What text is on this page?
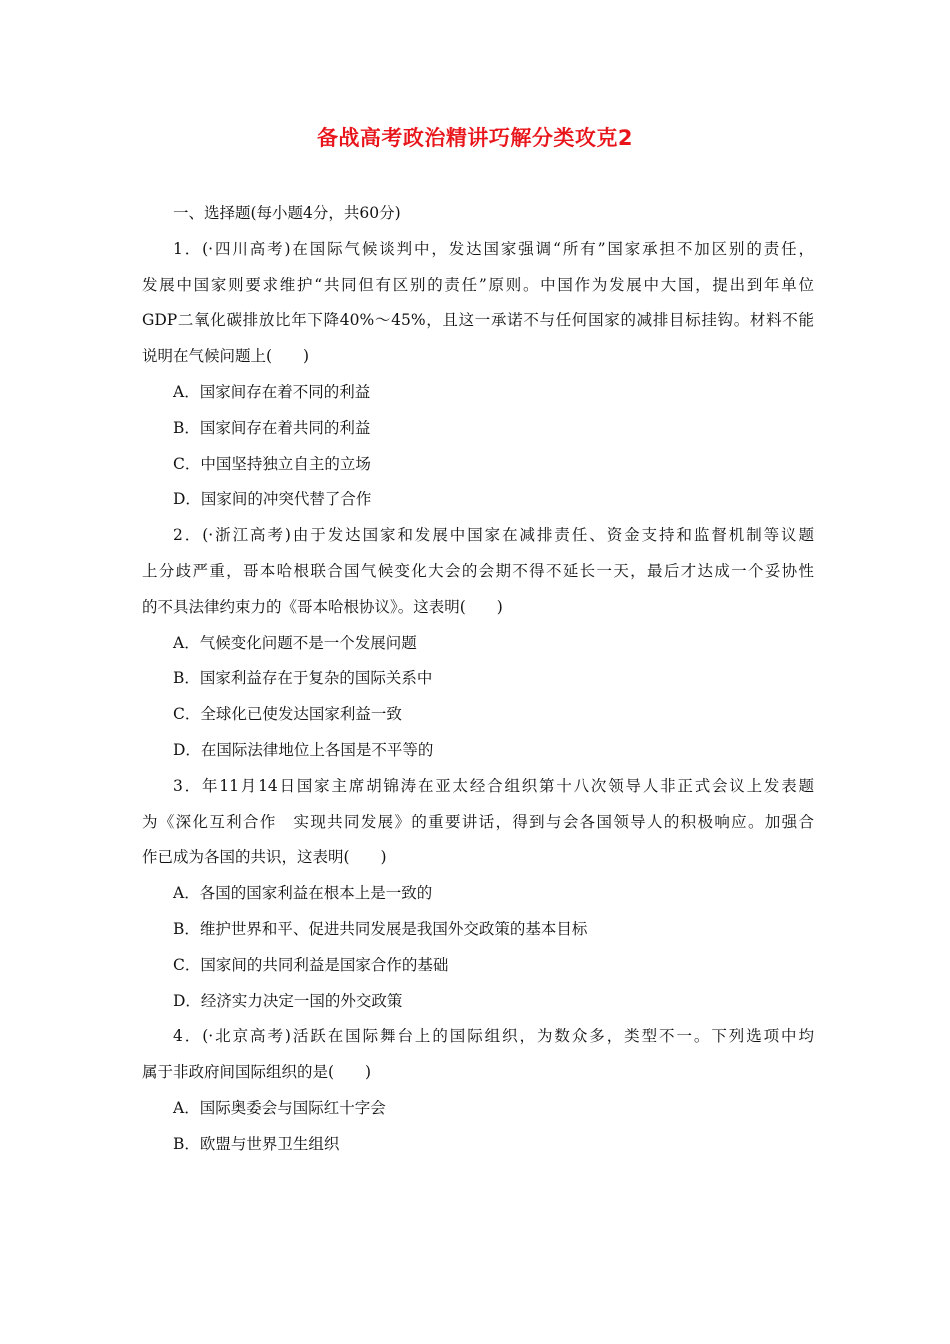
备战高考政治精讲巧解分类攻克2
一、选择题(每小题4分，共60分)
1．(·四川高考)在国际气候谈判中，发达国家强调“所有”国家承担不加区别的责任，
发展中国家则要求维护“共同但有区别的责任”原则。中国作为发展中大国，提出到年单位
GDP二氧化碳排放比年下降40%～45%，且这一承诺不与任何国家的减排目标挂钩。材料不能
说明在气候问题上(　　)
A．国家间存在着不同的利益
B．国家间存在着共同的利益
C．中国坚持独立自主的立场
D．国家间的冲突代替了合作
2．(·浙江高考)由于发达国家和发展中国家在减排责任、资金支持和监督机制等议题
上分歧严重，哥本哈根联合国气候变化大会的会期不得不延长一天，最后才达成一个妥协性
的不具法律约束力的《哥本哈根协议》。这表明(　　)
A．气候变化问题不是一个发展问题
B．国家利益存在于复杂的国际关系中
C．全球化已使发达国家利益一致
D．在国际法律地位上各国是不平等的
3．年11月14日国家主席胡锦涛在亚太经合组织第十八次领导人非正式会议上发表题
为《深化互利合作　实现共同发展》的重要讲话，得到与会各国领导人的积极响应。加强合
作已成为各国的共识，这表明(　　)
A．各国的国家利益在根本上是一致的
B．维护世界和平、促进共同发展是我国外交政策的基本目标
C．国家间的共同利益是国家合作的基础
D．经济实力决定一国的外交政策
4．(·北京高考)活跃在国际舞台上的国际组织，为数众多，类型不一。下列选项中均
属于非政府间国际组织的是(　　)
A．国际奥委会与国际红十字会
B．欧盟与世界卫生组织
